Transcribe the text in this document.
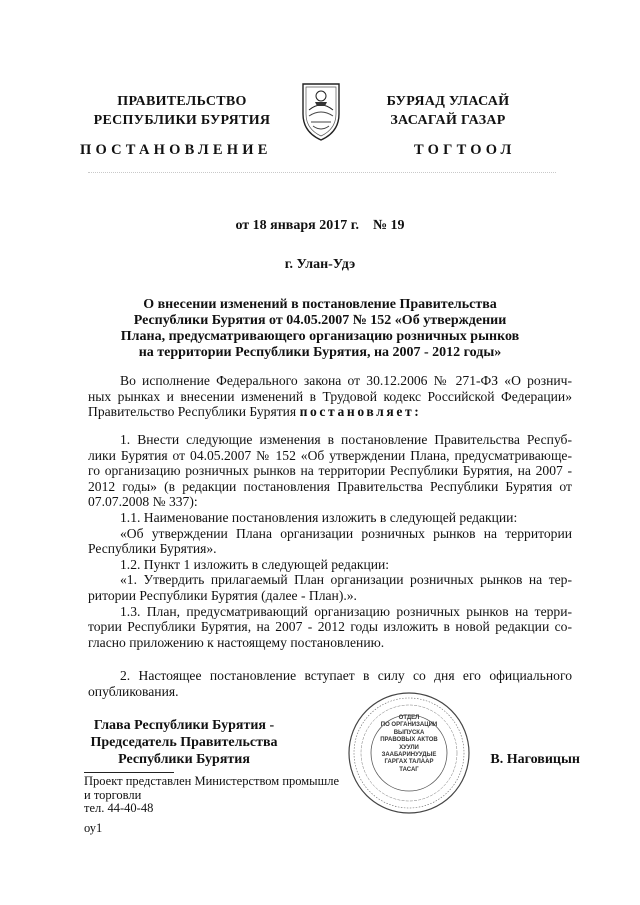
ПРАВИТЕЛЬСТВО
РЕСПУБЛИКИ БУРЯТИЯ
БУРЯАД УЛАСАЙ
ЗАСАГАЙ ГАЗАР
ПОСТАНОВЛЕНИЕ	ТОГТООЛ
от 18 января 2017 г.    № 19
г. Улан-Удэ
О внесении изменений в постановление Правительства
Республики Бурятия от 04.05.2007 № 152 «Об утверждении
Плана, предусматривающего организацию розничных рынков
на территории Республики Бурятия, на 2007 - 2012 годы»
Во исполнение Федерального закона от 30.12.2006 № 271-ФЗ «О рознич-
ных рынках и внесении изменений в Трудовой кодекс Российской Федерации»
Правительство Республики Бурятия постановляет:
1. Внести следующие изменения в постановление Правительства Респуб-
лики Бурятия от 04.05.2007 № 152 «Об утверждении Плана, предусматривающе-
го организацию розничных рынков на территории Республики Бурятия, на 2007 -
2012 годы» (в редакции постановления Правительства Республики Бурятия от
07.07.2008 № 337):
1.1. Наименование постановления изложить в следующей редакции:
«Об утверждении Плана организации розничных рынков на территории
Республики Бурятия».
1.2. Пункт 1 изложить в следующей редакции:
«1. Утвердить прилагаемый План организации розничных рынков на тер-
ритории Республики Бурятия (далее - План).».
1.3. План, предусматривающий организацию розничных рынков на терри-
тории Республики Бурятия, на 2007 - 2012 годы изложить в новой редакции со-
гласно приложению к настоящему постановлению.
2. Настоящее постановление вступает в силу со дня его официального
опубликования.
Глава Республики Бурятия -
Председатель Правительства
Республики Бурятия
ОТДЕЛ
ПО ОРГАНИЗАЦИИ
ВЫПУСКА
ПРАВОВЫХ АКТОВ
ХУУЛИ
ЗААБАРИНУУДЫЕ
ГАРГАХ ТАЛААР
ТАСАГ
В. Наговицын
Проект представлен Министерством промышле
и торговли
тел. 44-40-48
оу1
